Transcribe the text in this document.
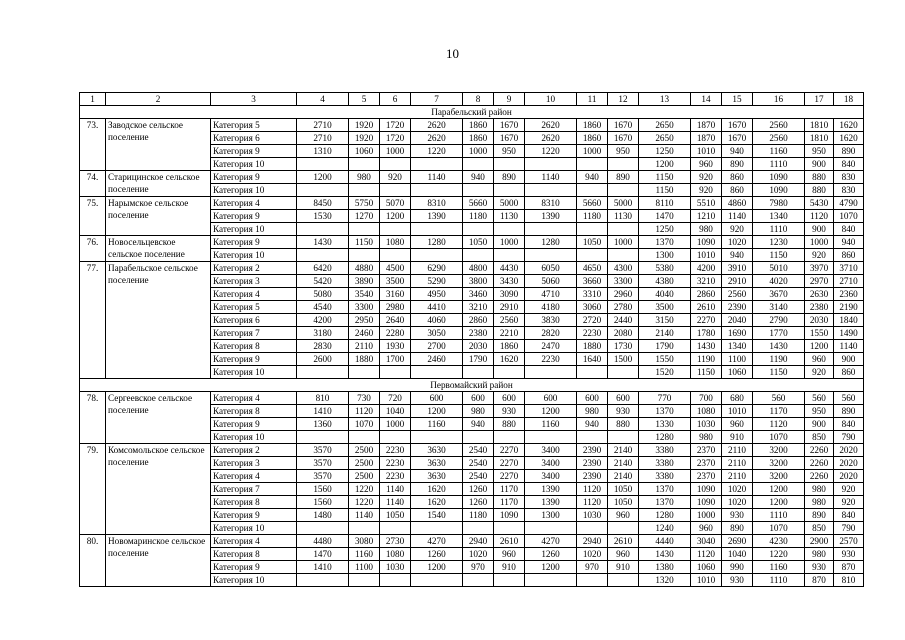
10
1	2	3	4	5	6	7	8	9	10	11	12	13	14	15	16	17	18
Парабельский район																	
73.	Заводское сельское поселение	Категория 5	2710	1920	1720	2620	1860	1670	2620	1860	1670	2650	1870	1670	2560	1810	1620
		Категория 6	2710	1920	1720	2620	1860	1670	2620	1860	1670	2650	1870	1670	2560	1810	1620
		Категория 9	1310	1060	1000	1220	1000	950	1220	1000	950	1250	1010	940	1160	950	890
		Категория 10										1200	960	890	1110	900	840
74.	Старицинское сельское поселение	Категория 9	1200	980	920	1140	940	890	1140	940	890	1150	920	860	1090	880	830
		Категория 10										1150	920	860	1090	880	830
75.	Нарымское сельское поселение	Категория 4	8450	5750	5070	8310	5660	5000	8310	5660	5000	8110	5510	4860	7980	5430	4790
		Категория 9	1530	1270	1200	1390	1180	1130	1390	1180	1130	1470	1210	1140	1340	1120	1070
		Категория 10										1250	980	920	1110	900	840
76.	Новосельцевское сельское поселение	Категория 9	1430	1150	1080	1280	1050	1000	1280	1050	1000	1370	1090	1020	1230	1000	940
		Категория 10										1300	1010	940	1150	920	860
77.	Парабельское сельское поселение	Категория 2	6420	4880	4500	6290	4800	4430	6050	4650	4300	5380	4200	3910	5010	3970	3710
		Категория 3	5420	3890	3500	5290	3800	3430	5060	3660	3300	4380	3210	2910	4020	2970	2710
		Категория 4	5080	3540	3160	4950	3460	3090	4710	3310	2960	4040	2860	2560	3670	2630	2360
		Категория 5	4540	3300	2980	4410	3210	2910	4180	3060	2780	3500	2610	2390	3140	2380	2190
		Категория 6	4200	2950	2640	4060	2860	2560	3830	2720	2440	3150	2270	2040	2790	2030	1840
		Категория 7	3180	2460	2280	3050	2380	2210	2820	2230	2080	2140	1780	1690	1770	1550	1490
		Категория 8	2830	2110	1930	2700	2030	1860	2470	1880	1730	1790	1430	1340	1430	1200	1140
		Категория 9	2600	1880	1700	2460	1790	1620	2230	1640	1500	1550	1190	1100	1190	960	900
		Категория 10										1520	1150	1060	1150	920	860
Первомайский район																	
78.	Сергеевское сельское поселение	Категория 4	810	730	720	600	600	600	600	600	600	770	700	680	560	560	560
		Категория 8	1410	1120	1040	1200	980	930	1200	980	930	1370	1080	1010	1170	950	890
		Категория 9	1360	1070	1000	1160	940	880	1160	940	880	1330	1030	960	1120	900	840
		Категория 10										1280	980	910	1070	850	790
79.	Комсомольское сельское поселение	Категория 2	3570	2500	2230	3630	2540	2270	3400	2390	2140	3380	2370	2110	3200	2260	2020
		Категория 3	3570	2500	2230	3630	2540	2270	3400	2390	2140	3380	2370	2110	3200	2260	2020
		Категория 4	3570	2500	2230	3630	2540	2270	3400	2390	2140	3380	2370	2110	3200	2260	2020
		Категория 7	1560	1220	1140	1620	1260	1170	1390	1120	1050	1370	1090	1020	1200	980	920
		Категория 8	1560	1220	1140	1620	1260	1170	1390	1120	1050	1370	1090	1020	1200	980	920
		Категория 9	1480	1140	1050	1540	1180	1090	1300	1030	960	1280	1000	930	1110	890	840
		Категория 10										1240	960	890	1070	850	790
80.	Новомаринское сельское поселение	Категория 4	4480	3080	2730	4270	2940	2610	4270	2940	2610	4440	3040	2690	4230	2900	2570
		Категория 8	1470	1160	1080	1260	1020	960	1260	1020	960	1430	1120	1040	1220	980	930
		Категория 9	1410	1100	1030	1200	970	910	1200	970	910	1380	1060	990	1160	930	870
		Категория 10										1320	1010	930	1110	870	810
